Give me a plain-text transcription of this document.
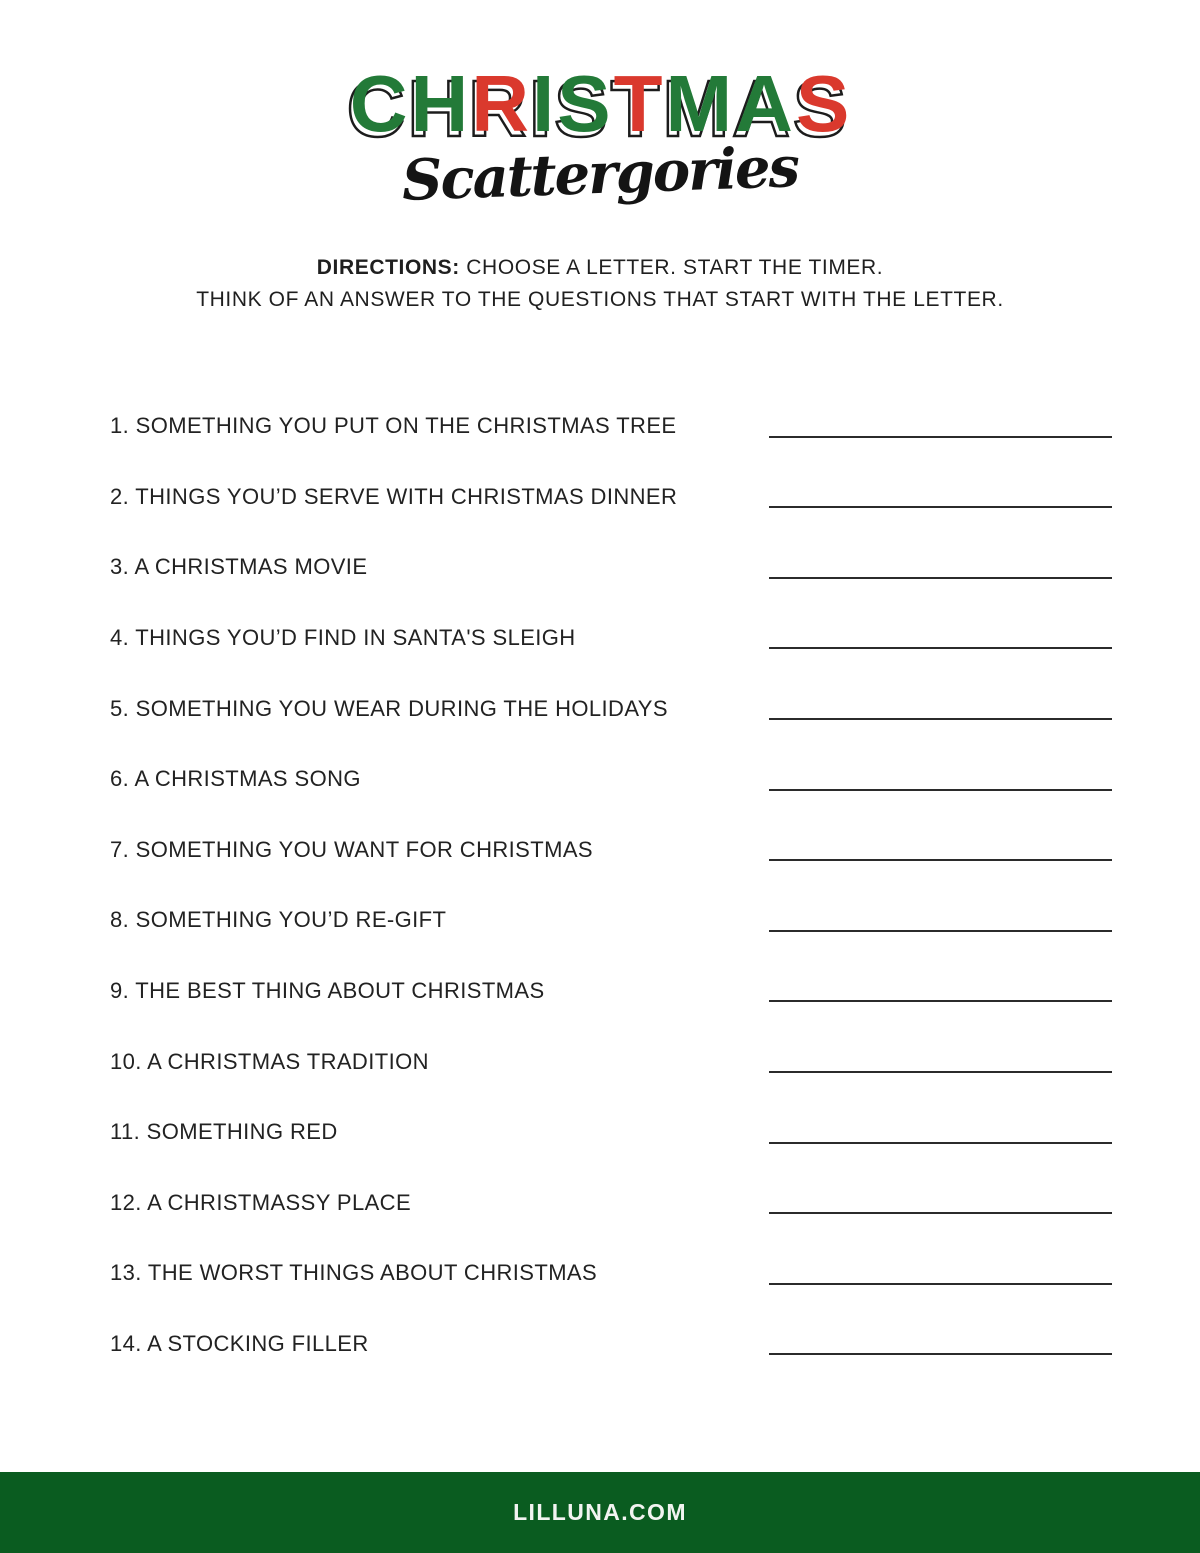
C CH HR RI IS ST TM MA AS S
Scattergories

DIRECTIONS: CHOOSE A LETTER. START THE TIMER.

THINK OF AN ANSWER TO THE QUESTIONS THAT START WITH THE LETTER.

1. SOMETHING YOU PUT ON THE CHRISTMAS TREE
2. THINGS YOU’D SERVE WITH CHRISTMAS DINNER
3. A CHRISTMAS MOVIE
4. THINGS YOU’D FIND IN SANTA'S SLEIGH
5. SOMETHING YOU WEAR DURING THE HOLIDAYS
6. A CHRISTMAS SONG
7. SOMETHING YOU WANT FOR CHRISTMAS
8. SOMETHING YOU’D RE-GIFT
9. THE BEST THING ABOUT CHRISTMAS
10. A CHRISTMAS TRADITION
11. SOMETHING RED
12. A CHRISTMASSY PLACE
13. THE WORST THINGS ABOUT CHRISTMAS
14. A STOCKING FILLER
LILLUNA.COM
